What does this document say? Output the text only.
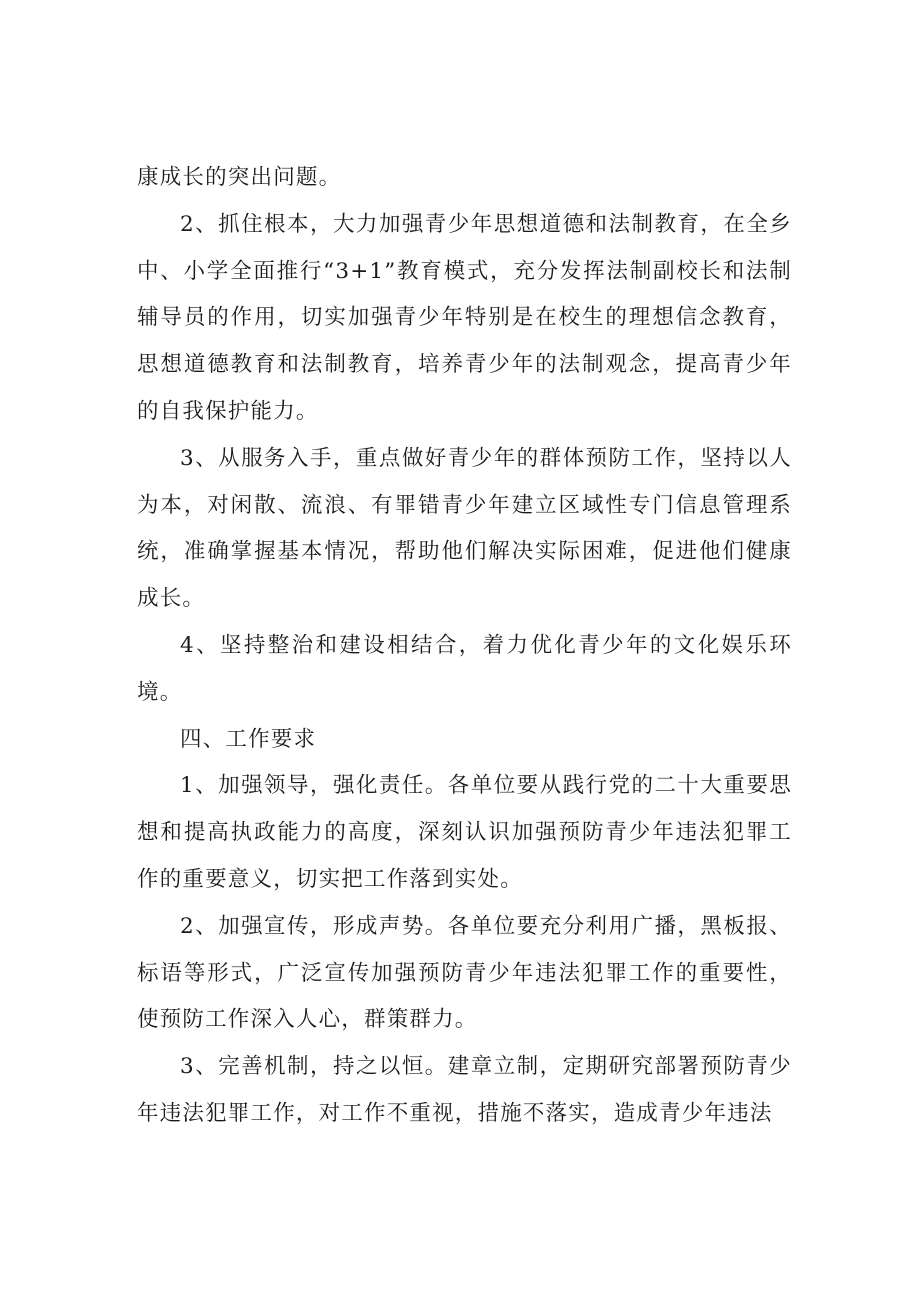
康成长的突出问题。

2、抓住根本，大力加强青少年思想道德和法制教育，在全乡中、小学全面推行“3+1”教育模式，充分发挥法制副校长和法制辅导员的作用，切实加强青少年特别是在校生的理想信念教育，思想道德教育和法制教育，培养青少年的法制观念，提高青少年的自我保护能力。

3、从服务入手，重点做好青少年的群体预防工作，坚持以人为本，对闲散、流浪、有罪错青少年建立区域性专门信息管理系统，准确掌握基本情况，帮助他们解决实际困难，促进他们健康成长。

4、坚持整治和建设相结合，着力优化青少年的文化娱乐环境。

四、工作要求

1、加强领导，强化责任。各单位要从践行党的二十大重要思想和提高执政能力的高度，深刻认识加强预防青少年违法犯罪工作的重要意义，切实把工作落到实处。

2、加强宣传，形成声势。各单位要充分利用广播，黑板报、标语等形式，广泛宣传加强预防青少年违法犯罪工作的重要性，使预防工作深入人心，群策群力。

3、完善机制，持之以恒。建章立制，定期研究部署预防青少年违法犯罪工作，对工作不重视，措施不落实，造成青少年违法
